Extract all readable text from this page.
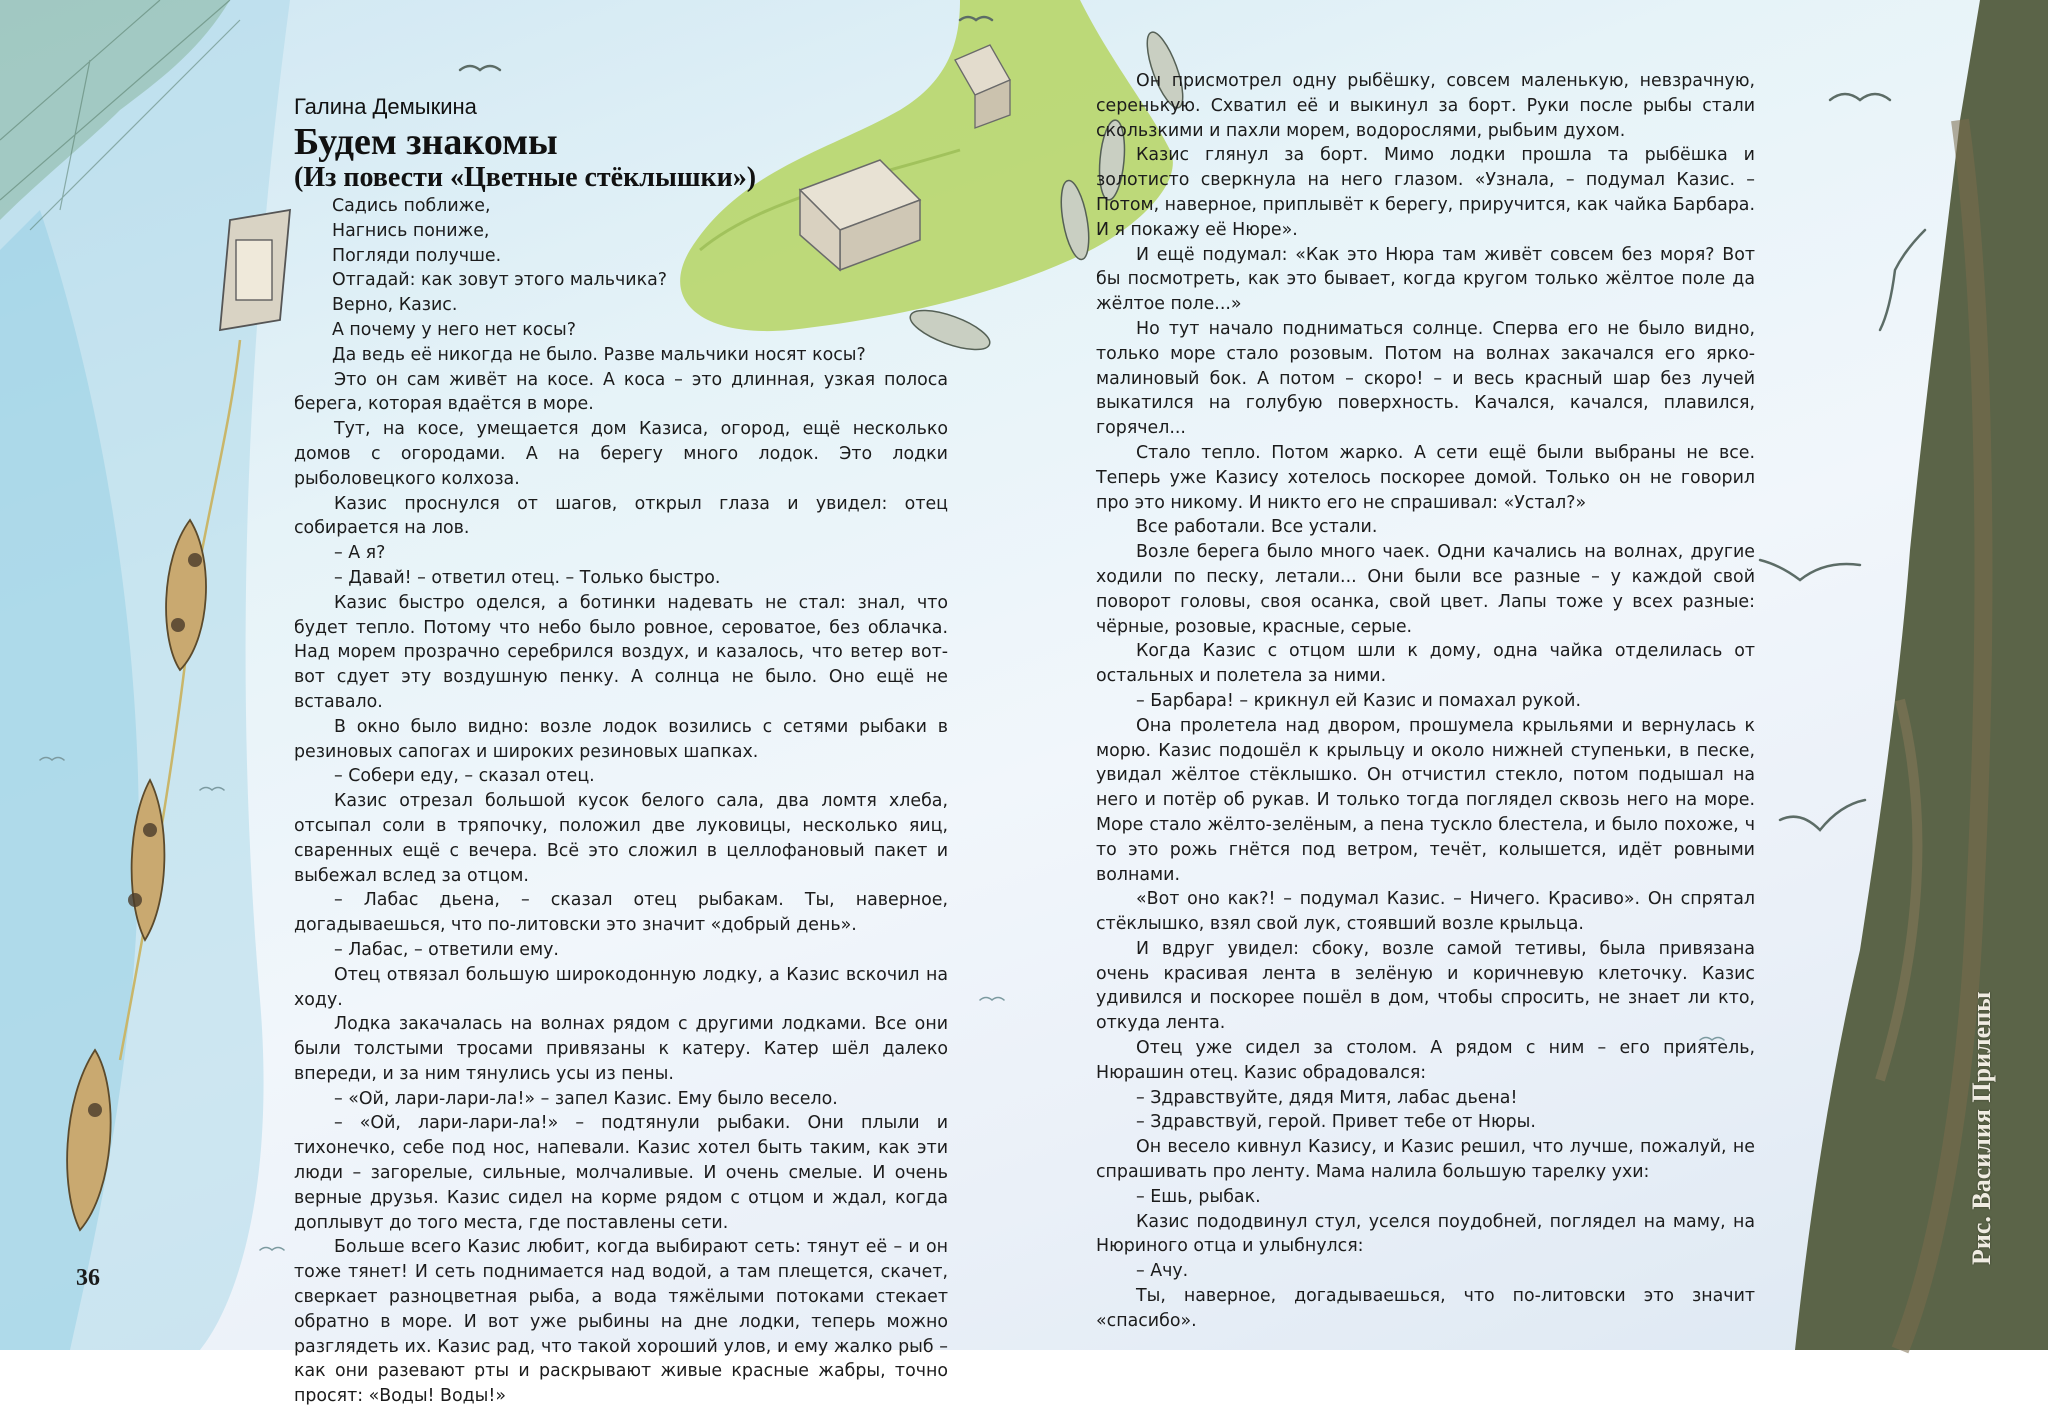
Галина Демыкина

Будем знакомы

(Из повести «Цветные стёклышки»)

Садись поближе,

Нагнись пониже,

Погляди получше.

Отгадай: как зовут этого мальчика?

Верно, Казис.

А почему у него нет косы?

Да ведь её никогда не было. Разве мальчики носят косы?

Это он сам живёт на косе. А коса – это длинная, узкая полоса берега, которая вдаётся в море.

Тут, на косе, умещается дом Казиса, огород, ещё несколько домов с огородами. А на берегу много лодок. Это лодки рыболовецкого колхоза.

Казис проснулся от шагов, открыл глаза и увидел: отец собирается на лов.

– А я?

– Давай! – ответил отец. – Только быстро.

Казис быстро оделся, а ботинки надевать не стал: знал, что будет тепло. Потому что небо было ровное, сероватое, без облачка. Над морем прозрачно серебрился воздух, и казалось, что ветер вот-вот сдует эту воздушную пенку. А солнца не было. Оно ещё не вставало.

В окно было видно: возле лодок возились с сетями рыбаки в резиновых сапогах и широких резиновых шапках.

– Собери еду, – сказал отец.

Казис отрезал большой кусок белого сала, два ломтя хлеба, отсыпал соли в тряпочку, положил две луковицы, несколько яиц, сваренных ещё с вечера. Всё это сложил в целлофановый пакет и выбежал вслед за отцом.

– Лабас дьена, – сказал отец рыбакам. Ты, наверное, догадываешься, что по-литовски это значит «добрый день».

– Лабас, – ответили ему.

Отец отвязал большую широкодонную лодку, а Казис вскочил на ходу.

Лодка закачалась на волнах рядом с другими лодками. Все они были толстыми тросами привязаны к катеру. Катер шёл далеко впереди, и за ним тянулись усы из пены.

– «Ой, лари-лари-ла!» – запел Казис. Ему было весело.

– «Ой, лари-лари-ла!» – подтянули рыбаки. Они плыли и тихонечко, себе под нос, напевали. Казис хотел быть таким, как эти люди – загорелые, сильные, молчаливые. И очень смелые. И очень верные друзья. Казис сидел на корме рядом с отцом и ждал, когда доплывут до того места, где поставлены сети.

Больше всего Казис любит, когда выбирают сеть: тянут её – и он тоже тянет! И сеть поднимается над водой, а там плещется, скачет, сверкает разноцветная рыба, а вода тяжёлыми потоками стекает обратно в море. И вот уже рыбины на дне лодки, теперь можно разглядеть их. Казис рад, что такой хороший улов, и ему жалко рыб – как они разевают рты и раскрывают живые красные жабры, точно просят: «Воды! Воды!»

Он присмотрел одну рыбёшку, совсем маленькую, невзрачную, серенькую. Схватил её и выкинул за борт. Руки после рыбы стали скользкими и пахли морем, водорослями, рыбьим духом.

Казис глянул за борт. Мимо лодки прошла та рыбёшка и золотисто сверкнула на него глазом. «Узнала, – подумал Казис. – Потом, наверное, приплывёт к берегу, приручится, как чайка Барбара. И я покажу её Нюре».

И ещё подумал: «Как это Нюра там живёт совсем без моря? Вот бы посмотреть, как это бывает, когда кругом только жёлтое поле да жёлтое поле...»

Но тут начало подниматься солнце. Сперва его не было видно, только море стало розовым. Потом на волнах закачался его ярко-малиновый бок. А потом – скоро! – и весь красный шар без лучей выкатился на голубую поверхность. Качался, качался, плавился, горячел...

Стало тепло. Потом жарко. А сети ещё были выбраны не все. Теперь уже Казису хотелось поскорее домой. Только он не говорил про это никому. И никто его не спрашивал: «Устал?»

Все работали. Все устали.

Возле берега было много чаек. Одни качались на волнах, другие ходили по песку, летали... Они были все разные – у каждой свой поворот головы, своя осанка, свой цвет. Лапы тоже у всех разные: чёрные, розовые, красные, серые.

Когда Казис с отцом шли к дому, одна чайка отделилась от остальных и полетела за ними.

– Барбара! – крикнул ей Казис и помахал рукой.

Она пролетела над двором, прошумела крыльями и вернулась к морю. Казис подошёл к крыльцу и около нижней ступеньки, в песке, увидал жёлтое стёклышко. Он отчистил стекло, потом подышал на него и потёр об рукав. И только тогда поглядел сквозь него на море. Море стало жёлто-зелёным, а пена тускло блестела, и было похоже, ч то это рожь гнётся под ветром, течёт, колышется, идёт ровными волнами.

«Вот оно как?! – подумал Казис. – Ничего. Красиво». Он спрятал стёклышко, взял свой лук, стоявший возле крыльца.

И вдруг увидел: сбоку, возле самой тетивы, была привязана очень красивая лента в зелёную и коричневую клеточку. Казис удивился и поскорее пошёл в дом, чтобы спросить, не знает ли кто, откуда лента.

Отец уже сидел за столом. А рядом с ним – его приятель, Нюрашин отец. Казис обрадовался:

– Здравствуйте, дядя Митя, лабас дьена!

– Здравствуй, герой. Привет тебе от Нюры.

Он весело кивнул Казису, и Казис решил, что лучше, пожалуй, не спрашивать про ленту. Мама налила большую тарелку ухи:

– Ешь, рыбак.

Казис пододвинул стул, уселся поудобней, поглядел на маму, на Нюриного отца и улыбнулся:

– Ачу.

Ты, наверное, догадываешься, что по-литовски это значит «спасибо».

36
Рис. Василия Прилепы
